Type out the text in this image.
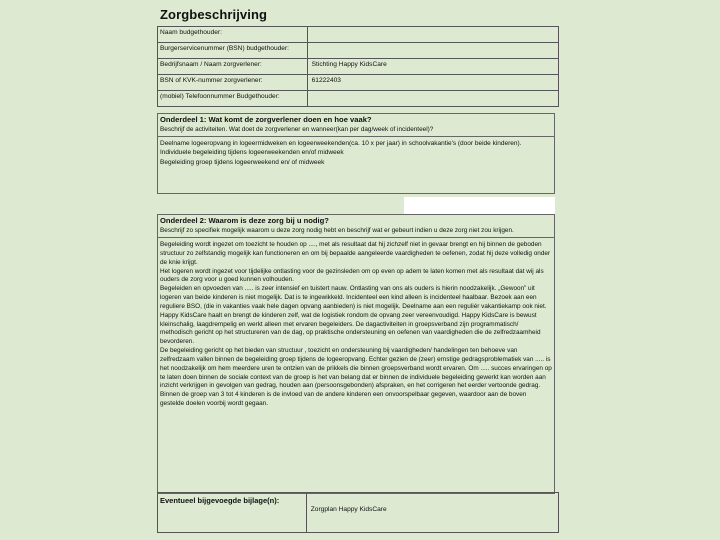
Zorgbeschrijving
Naam budgethouder:	
Burgerservicenummer (BSN) budgethouder:	
Bedrijfsnaam / Naam zorgverlener:	Stichting Happy KidsCare
BSN of KVK-nummer zorgverlener:	61222403
(mobiel) Telefoonnummer Budgethouder:	
Onderdeel 1: Wat komt de zorgverlener doen en hoe vaak?

Beschrijf de activiteiten. Wat doet de zorgverlener en wanneer(kan per dag/week of incidenteel)?

Deelname logeeropvang in logeermidweken en logeerweekenden(ca. 10 x per jaar) in schoolvakantie's (door beide kinderen).

Individuele begeleiding tijdens logeerweekenden en/of midweek

Begeleiding groep tijdens logeerweekend en/ of midweek

Onderdeel 2: Waarom is deze zorg bij u nodig?

Beschrijf zo specifiek mogelijk waarom u deze zorg nodig hebt en beschrijf wat er gebeurt indien u deze zorg niet zou krijgen.

Begeleiding wordt ingezet om toezicht te houden op ...., met als resultaat dat hij zichzelf niet in gevaar brengt en hij binnen de geboden structuur zo zelfstandig mogelijk kan functioneren en om bij bepaalde aangeleerde vaardigheden te oefenen, zodat hij deze volledig onder de knie krijgt.

Het logeren wordt ingezet voor tijdelijke ontlasting voor de gezinsleden om op even op adem te laten komen met als resultaat dat wij als ouders de zorg voor u goed kunnen volhouden.

Begeleiden en opvoeden van ..... is zeer intensief en tuistert nauw. Ontlasting van ons als ouders is hierin noodzakelijk. „Gewoon” uit logeren van beide kinderen is niet mogelijk. Dat is te ingewikkeld. Incidenteel een kind alleen is incidenteel haalbaar. Bezoek aan een reguliere BSO, (die in vakanties vaak hele dagen opvang aanbieden) is niet mogelijk. Deelname aan een reguliér vakantiekamp ook niet. Happy KidsCare haalt en brengt de kinderen zelf, wat de logistiek rondom de opvang zeer vereenvoudigd. Happy KidsCare is bewust kleinschalig, laagdrempelig en werkt alleen met ervaren begeleiders. De dagactiviteiten in groepsverband zijn programmatisch/ methodisch gericht op het structureren van de dag, op praktische ondersteuning en oefenen van vaardigheden die de zelfredzaamheid bevorderen.

De begeleiding gericht op het bieden van structuur , toezicht en ondersteuning bij vaardigheden/ handelingen ten behoeve van zelfredzaam vallen binnen de begeleiding groep tijdens de logeeropvang. Echter gezien de (zeer) ernstige gedragsproblematiek van ..... is het noodzakelijk om hem meerdere uren te ontzien van de prikkels die binnen groepsverband wordt ervaren. Om ..... succes ervaringen op te laten doen binnen de sociale context van de groep is het van belang dat er binnen de individuele begeleiding gewerkt kan worden aan inzicht verkrijgen in gevolgen van gedrag, houden aan (persoonsgebonden) afspraken, en het corrigeren het eerder vertoonde gedrag. Binnen de groep van 3 tot 4 kinderen is de invloed van de andere kinderen een onvoorspelbaar gegeven, waardoor aan de boven gestelde doelen voorbij wordt gegaan.

Eventueel bijgevoegde bijlage(n):	Zorgplan Happy KidsCare
